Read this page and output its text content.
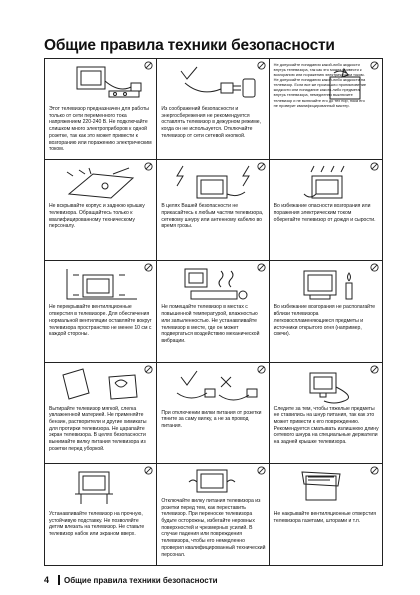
Общие правила техники безопасности
Этот телевизор предназначен для работы только от сети переменного тока напряжением 220-240 В. Не подключайте слишком много электроприборов к одной розетке, так как это может привести к возгоранию или поражению электрическим током.
Из соображений безопасности и энергосбережения не рекомендуется оставлять телевизор в дежурном режиме, когда он не используется. Отключайте телевизор от сети сетевой кнопкой.
Не допускайте попадания какой-либо жидкости внутрь телевизора, так как это может привести к возгоранию или поражению электрическим током. Не допускайте попадания какой-либо жидкости на телевизор. Если все же произошло проникновение жидкости или попадание какого-либо предмета внутрь телевизора, немедленно выключите телевизор и не включайте его до тех пор, пока его не проверит квалифицированный мастер.
Не вскрывайте корпус и заднюю крышку телевизора. Обращайтесь только к квалифицированному техническому персоналу.
В целях Вашей безопасности не прикасайтесь к любым частям телевизора, сетевому шнуру или антенному кабелю во время грозы.
Во избежание опасности возгорания или поражения электрическим током оберегайте телевизор от дождя и сырости.
Не перекрывайте вентиляционные отверстия в телевизоре. Для обеспечения нормальной вентиляции оставляйте вокруг телевизора пространство не менее 10 см с каждой стороны.
Не помещайте телевизор в местах с повышенной температурой, влажностью или запыленностью. Не устанавливайте телевизор в месте, где он может подвергаться воздействию механической вибрации.
Во избежание возгорания не располагайте вблизи телевизора легковоспламеняющиеся предметы и источники открытого огня (например, свечи).
Вытирайте телевизор мягкой, слегка увлажненной материей. Не применяйте бензин, растворители и другие химикаты для протирки телевизора. Не царапайте экран телевизора. В целях безопасности вынимайте вилку питания телевизора из розетки перед уборкой.
При отключении вилки питания от розетки тяните за саму вилку, а не за провод питания.
Следите за тем, чтобы тяжелые предметы не ставились на шнур питания, так как это может привести к его повреждению. Рекомендуется сматывать излишнюю длину сетевого шнура на специальные держатели на задней крышке телевизора.
Устанавливайте телевизор на прочную, устойчивую подставку. Не позволяйте детям влезать на телевизор. Не ставьте телевизор набок или экраном вверх.
Отключайте вилку питания телевизора из розетки перед тем, как переставить телевизор. При переноске телевизора будьте осторожны, избегайте неровных поверхностей и чрезмерных усилий. В случае падения или повреждения телевизора, чтобы его немедленно проверил квалифицированный технический персонал.
Не накрывайте вентиляционные отверстия телевизора газетами, шторами и т.п.
4	Общие правила техники безопасности
